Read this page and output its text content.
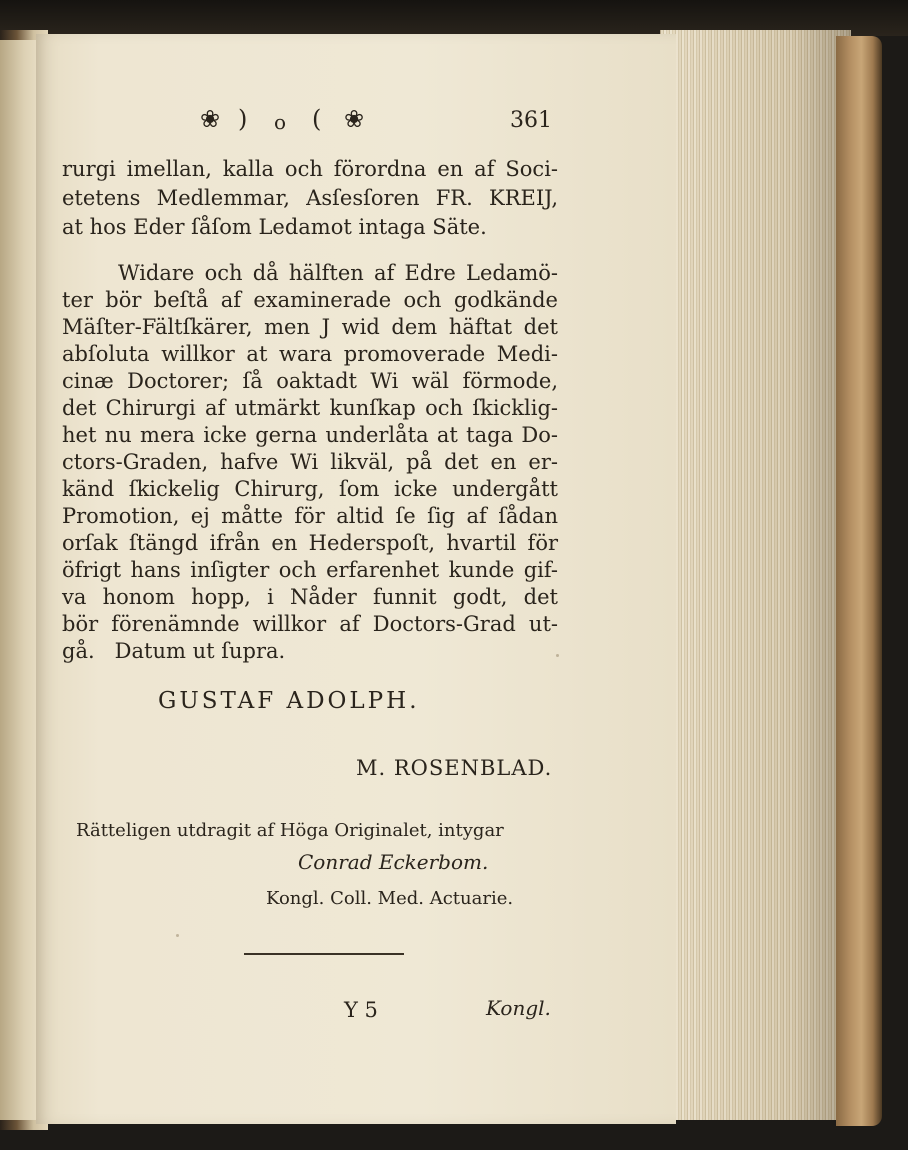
❀ ) o ( ❀	361
rurgi imellan, kalla och förordna en af Soci-
etetens Medlemmar, Asſesſoren FR. KREIJ,
at hos Eder ſåſom Ledamot intaga Säte.
Widare och då hälften af Edre Ledamö-
ter bör beſtå af examinerade och godkände
Mäſter-Fältſkärer, men J wid dem häftat det
abſoluta willkor at wara promoverade Medi-
cinæ Doctorer; ſå oaktadt Wi wäl förmode,
det Chirurgi af utmärkt kunſkap och ſkicklig-
het nu mera icke gerna underlåta at taga Do-
ctors-Graden, hafve Wi likväl, på det en er-
känd ſkickelig Chirurg, ſom icke undergått
Promotion, ej måtte för altid ſe ſig af ſådan
orſak ſtängd ifrån en Hederspoſt, hvartil för
öfrigt hans inſigter och erfarenhet kunde gif-
va honom hopp, i Nåder funnit godt, det
bör förenämnde willkor af Doctors-Grad ut-
gå.   Datum ut ſupra.
GUSTAF ADOLPH.
M. ROSENBLAD.
Rätteligen utdragit af Höga Originalet, intygar
Conrad Eckerbom.
Kongl. Coll. Med. Actuarie.
Y 5	Kongl.
